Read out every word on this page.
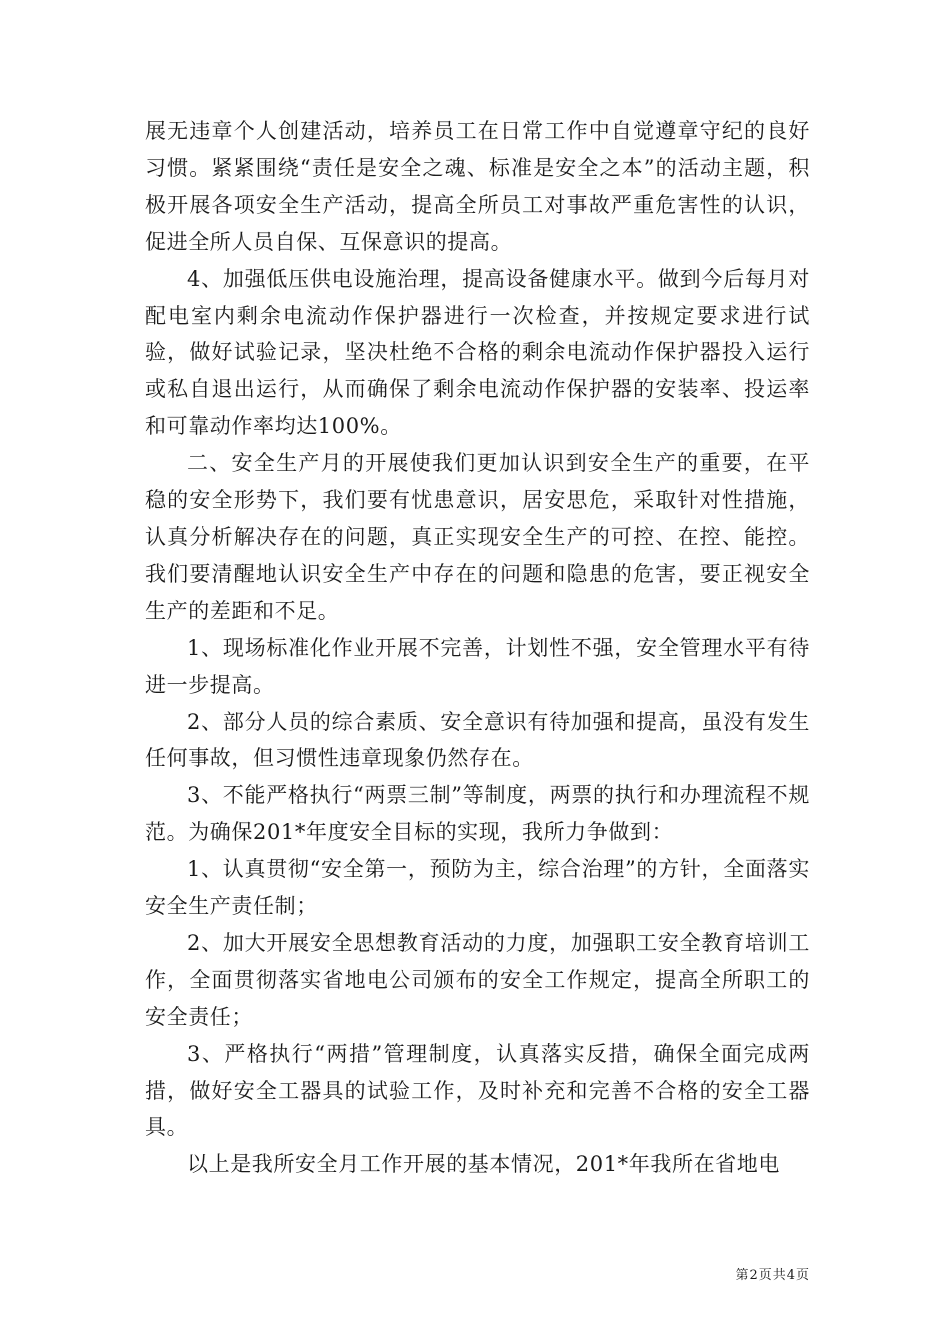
展无违章个人创建活动，培养员工在日常工作中自觉遵章守纪的良好习惯。紧紧围绕“责任是安全之魂、标准是安全之本”的活动主题，积极开展各项安全生产活动，提高全所员工对事故严重危害性的认识，促进全所人员自保、互保意识的提高。

4、加强低压供电设施治理，提高设备健康水平。做到今后每月对配电室内剩余电流动作保护器进行一次检查，并按规定要求进行试验，做好试验记录，坚决杜绝不合格的剩余电流动作保护器投入运行或私自退出运行，从而确保了剩余电流动作保护器的安装率、投运率和可靠动作率均达100%。

二、安全生产月的开展使我们更加认识到安全生产的重要，在平稳的安全形势下，我们要有忧患意识，居安思危，采取针对性措施，认真分析解决存在的问题，真正实现安全生产的可控、在控、能控。我们要清醒地认识安全生产中存在的问题和隐患的危害，要正视安全生产的差距和不足。

1、现场标准化作业开展不完善，计划性不强，安全管理水平有待进一步提高。

2、部分人员的综合素质、安全意识有待加强和提高，虽没有发生任何事故，但习惯性违章现象仍然存在。

3、不能严格执行“两票三制”等制度，两票的执行和办理流程不规范。为确保201*年度安全目标的实现，我所力争做到：

1、认真贯彻“安全第一，预防为主，综合治理”的方针，全面落实安全生产责任制；

2、加大开展安全思想教育活动的力度，加强职工安全教育培训工作，全面贯彻落实省地电公司颁布的安全工作规定，提高全所职工的安全责任；

3、严格执行“两措”管理制度，认真落实反措，确保全面完成两措，做好安全工器具的试验工作，及时补充和完善不合格的安全工器具。

以上是我所安全月工作开展的基本情况，201*年我所在省地电

第2页共4页
